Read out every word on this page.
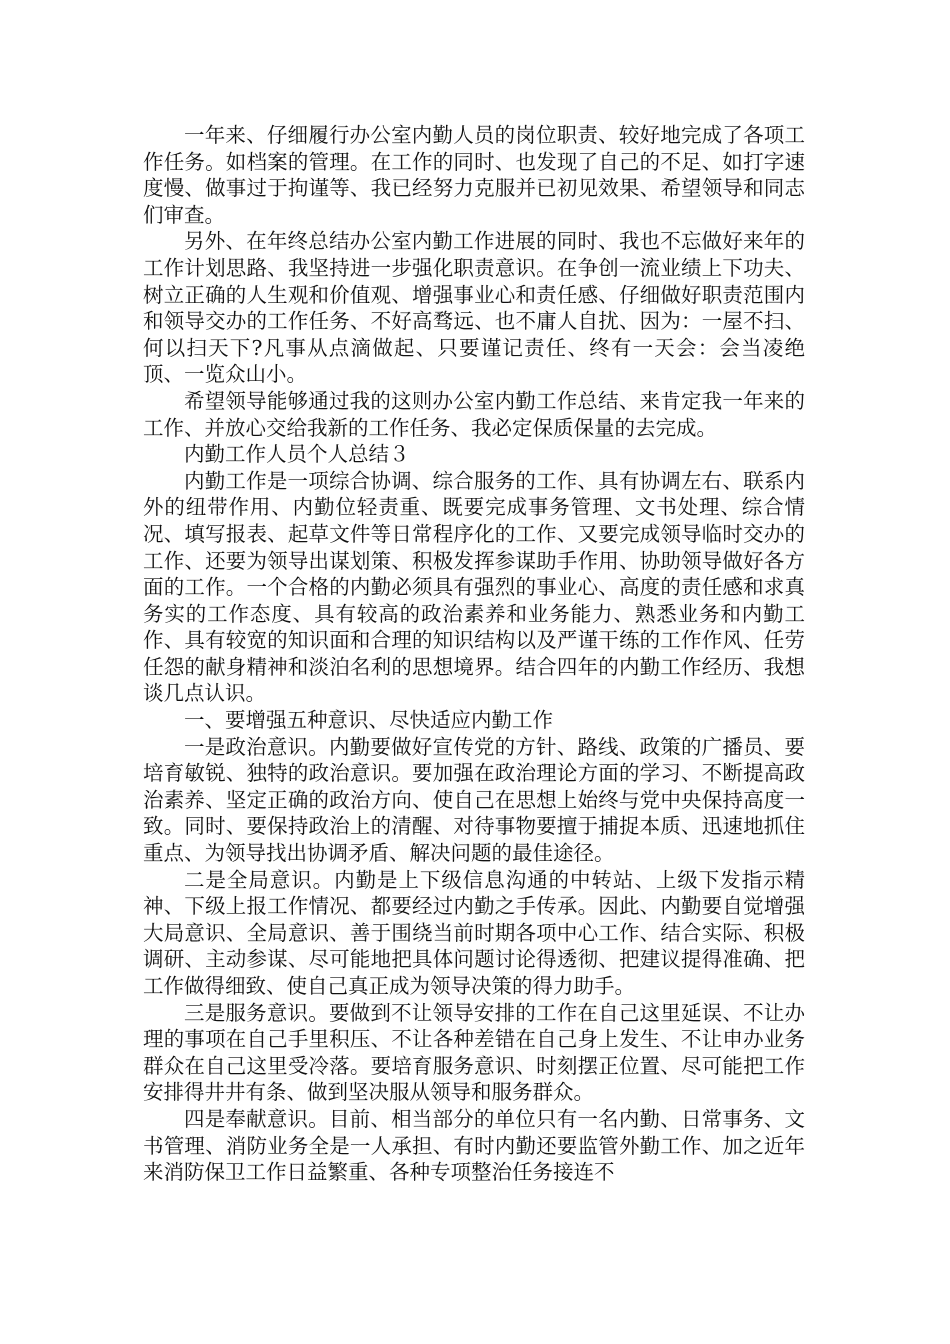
一年来、仔细履行办公室内勤人员的岗位职责、较好地完成了各项工作任务。如档案的管理。在工作的同时、也发现了自己的不足、如打字速度慢、做事过于拘谨等、我已经努力克服并已初见效果、希望领导和同志们审查。

另外、在年终总结办公室内勤工作进展的同时、我也不忘做好来年的工作计划思路、我坚持进一步强化职责意识。在争创一流业绩上下功夫、树立正确的人生观和价值观、增强事业心和责任感、仔细做好职责范围内和领导交办的工作任务、不好高骛远、也不庸人自扰、因为：一屋不扫、何以扫天下?凡事从点滴做起、只要谨记责任、终有一天会：会当凌绝顶、一览众山小。

希望领导能够通过我的这则办公室内勤工作总结、来肯定我一年来的工作、并放心交给我新的工作任务、我必定保质保量的去完成。

内勤工作人员个人总结３

内勤工作是一项综合协调、综合服务的工作、具有协调左右、联系内外的纽带作用、内勤位轻责重、既要完成事务管理、文书处理、综合情况、填写报表、起草文件等日常程序化的工作、又要完成领导临时交办的工作、还要为领导出谋划策、积极发挥参谋助手作用、协助领导做好各方面的工作。一个合格的内勤必须具有强烈的事业心、高度的责任感和求真务实的工作态度、具有较高的政治素养和业务能力、熟悉业务和内勤工作、具有较宽的知识面和合理的知识结构以及严谨干练的工作作风、任劳任怨的献身精神和淡泊名利的思想境界。结合四年的内勤工作经历、我想谈几点认识。

一、要增强五种意识、尽快适应内勤工作

一是政治意识。内勤要做好宣传党的方针、路线、政策的广播员、要培育敏锐、独特的政治意识。要加强在政治理论方面的学习、不断提高政治素养、坚定正确的政治方向、使自己在思想上始终与党中央保持高度一致。同时、要保持政治上的清醒、对待事物要擅于捕捉本质、迅速地抓住重点、为领导找出协调矛盾、解决问题的最佳途径。

二是全局意识。内勤是上下级信息沟通的中转站、上级下发指示精神、下级上报工作情况、都要经过内勤之手传承。因此、内勤要自觉增强大局意识、全局意识、善于围绕当前时期各项中心工作、结合实际、积极调研、主动参谋、尽可能地把具体问题讨论得透彻、把建议提得准确、把工作做得细致、使自己真正成为领导决策的得力助手。

三是服务意识。要做到不让领导安排的工作在自己这里延误、不让办理的事项在自己手里积压、不让各种差错在自己身上发生、不让申办业务群众在自己这里受冷落。要培育服务意识、时刻摆正位置、尽可能把工作安排得井井有条、做到坚决服从领导和服务群众。

四是奉献意识。目前、相当部分的单位只有一名内勤、日常事务、文书管理、消防业务全是一人承担、有时内勤还要监管外勤工作、加之近年来消防保卫工作日益繁重、各种专项整治任务接连不
